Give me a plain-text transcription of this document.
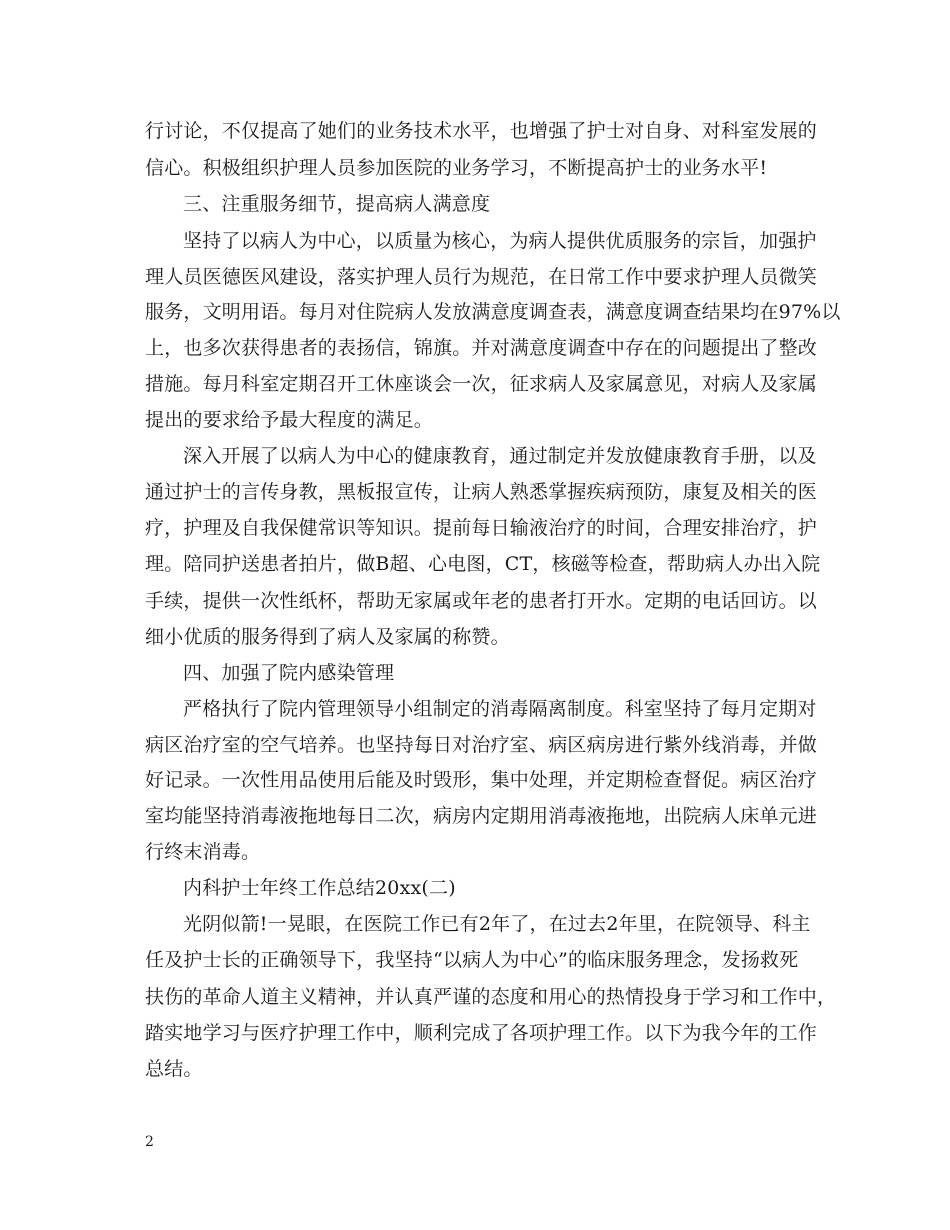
行讨论，不仅提高了她们的业务技术水平，也增强了护士对自身、对科室发展的
信心。积极组织护理人员参加医院的业务学习，不断提高护士的业务水平!
三、注重服务细节，提高病人满意度
坚持了以病人为中心，以质量为核心，为病人提供优质服务的宗旨，加强护
理人员医德医风建设，落实护理人员行为规范，在日常工作中要求护理人员微笑
服务，文明用语。每月对住院病人发放满意度调查表，满意度调查结果均在97%以
上，也多次获得患者的表扬信，锦旗。并对满意度调查中存在的问题提出了整改
措施。每月科室定期召开工休座谈会一次，征求病人及家属意见，对病人及家属
提出的要求给予最大程度的满足。
深入开展了以病人为中心的健康教育，通过制定并发放健康教育手册，以及
通过护士的言传身教，黑板报宣传，让病人熟悉掌握疾病预防，康复及相关的医
疗，护理及自我保健常识等知识。提前每日输液治疗的时间，合理安排治疗，护
理。陪同护送患者拍片，做B超、心电图，CT，核磁等检查，帮助病人办出入院
手续，提供一次性纸杯，帮助无家属或年老的患者打开水。定期的电话回访。以
细小优质的服务得到了病人及家属的称赞。
四、加强了院内感染管理
严格执行了院内管理领导小组制定的消毒隔离制度。科室坚持了每月定期对
病区治疗室的空气培养。也坚持每日对治疗室、病区病房进行紫外线消毒，并做
好记录。一次性用品使用后能及时毁形，集中处理，并定期检查督促。病区治疗
室均能坚持消毒液拖地每日二次，病房内定期用消毒液拖地，出院病人床单元进
行终末消毒。
内科护士年终工作总结20xx(二)
光阴似箭!一晃眼，在医院工作已有2年了，在过去2年里，在院领导、科主
任及护士长的正确领导下，我坚持“以病人为中心”的临床服务理念，发扬救死
扶伤的革命人道主义精神，并认真严谨的态度和用心的热情投身于学习和工作中，
踏实地学习与医疗护理工作中，顺利完成了各项护理工作。以下为我今年的工作
总结。
2
